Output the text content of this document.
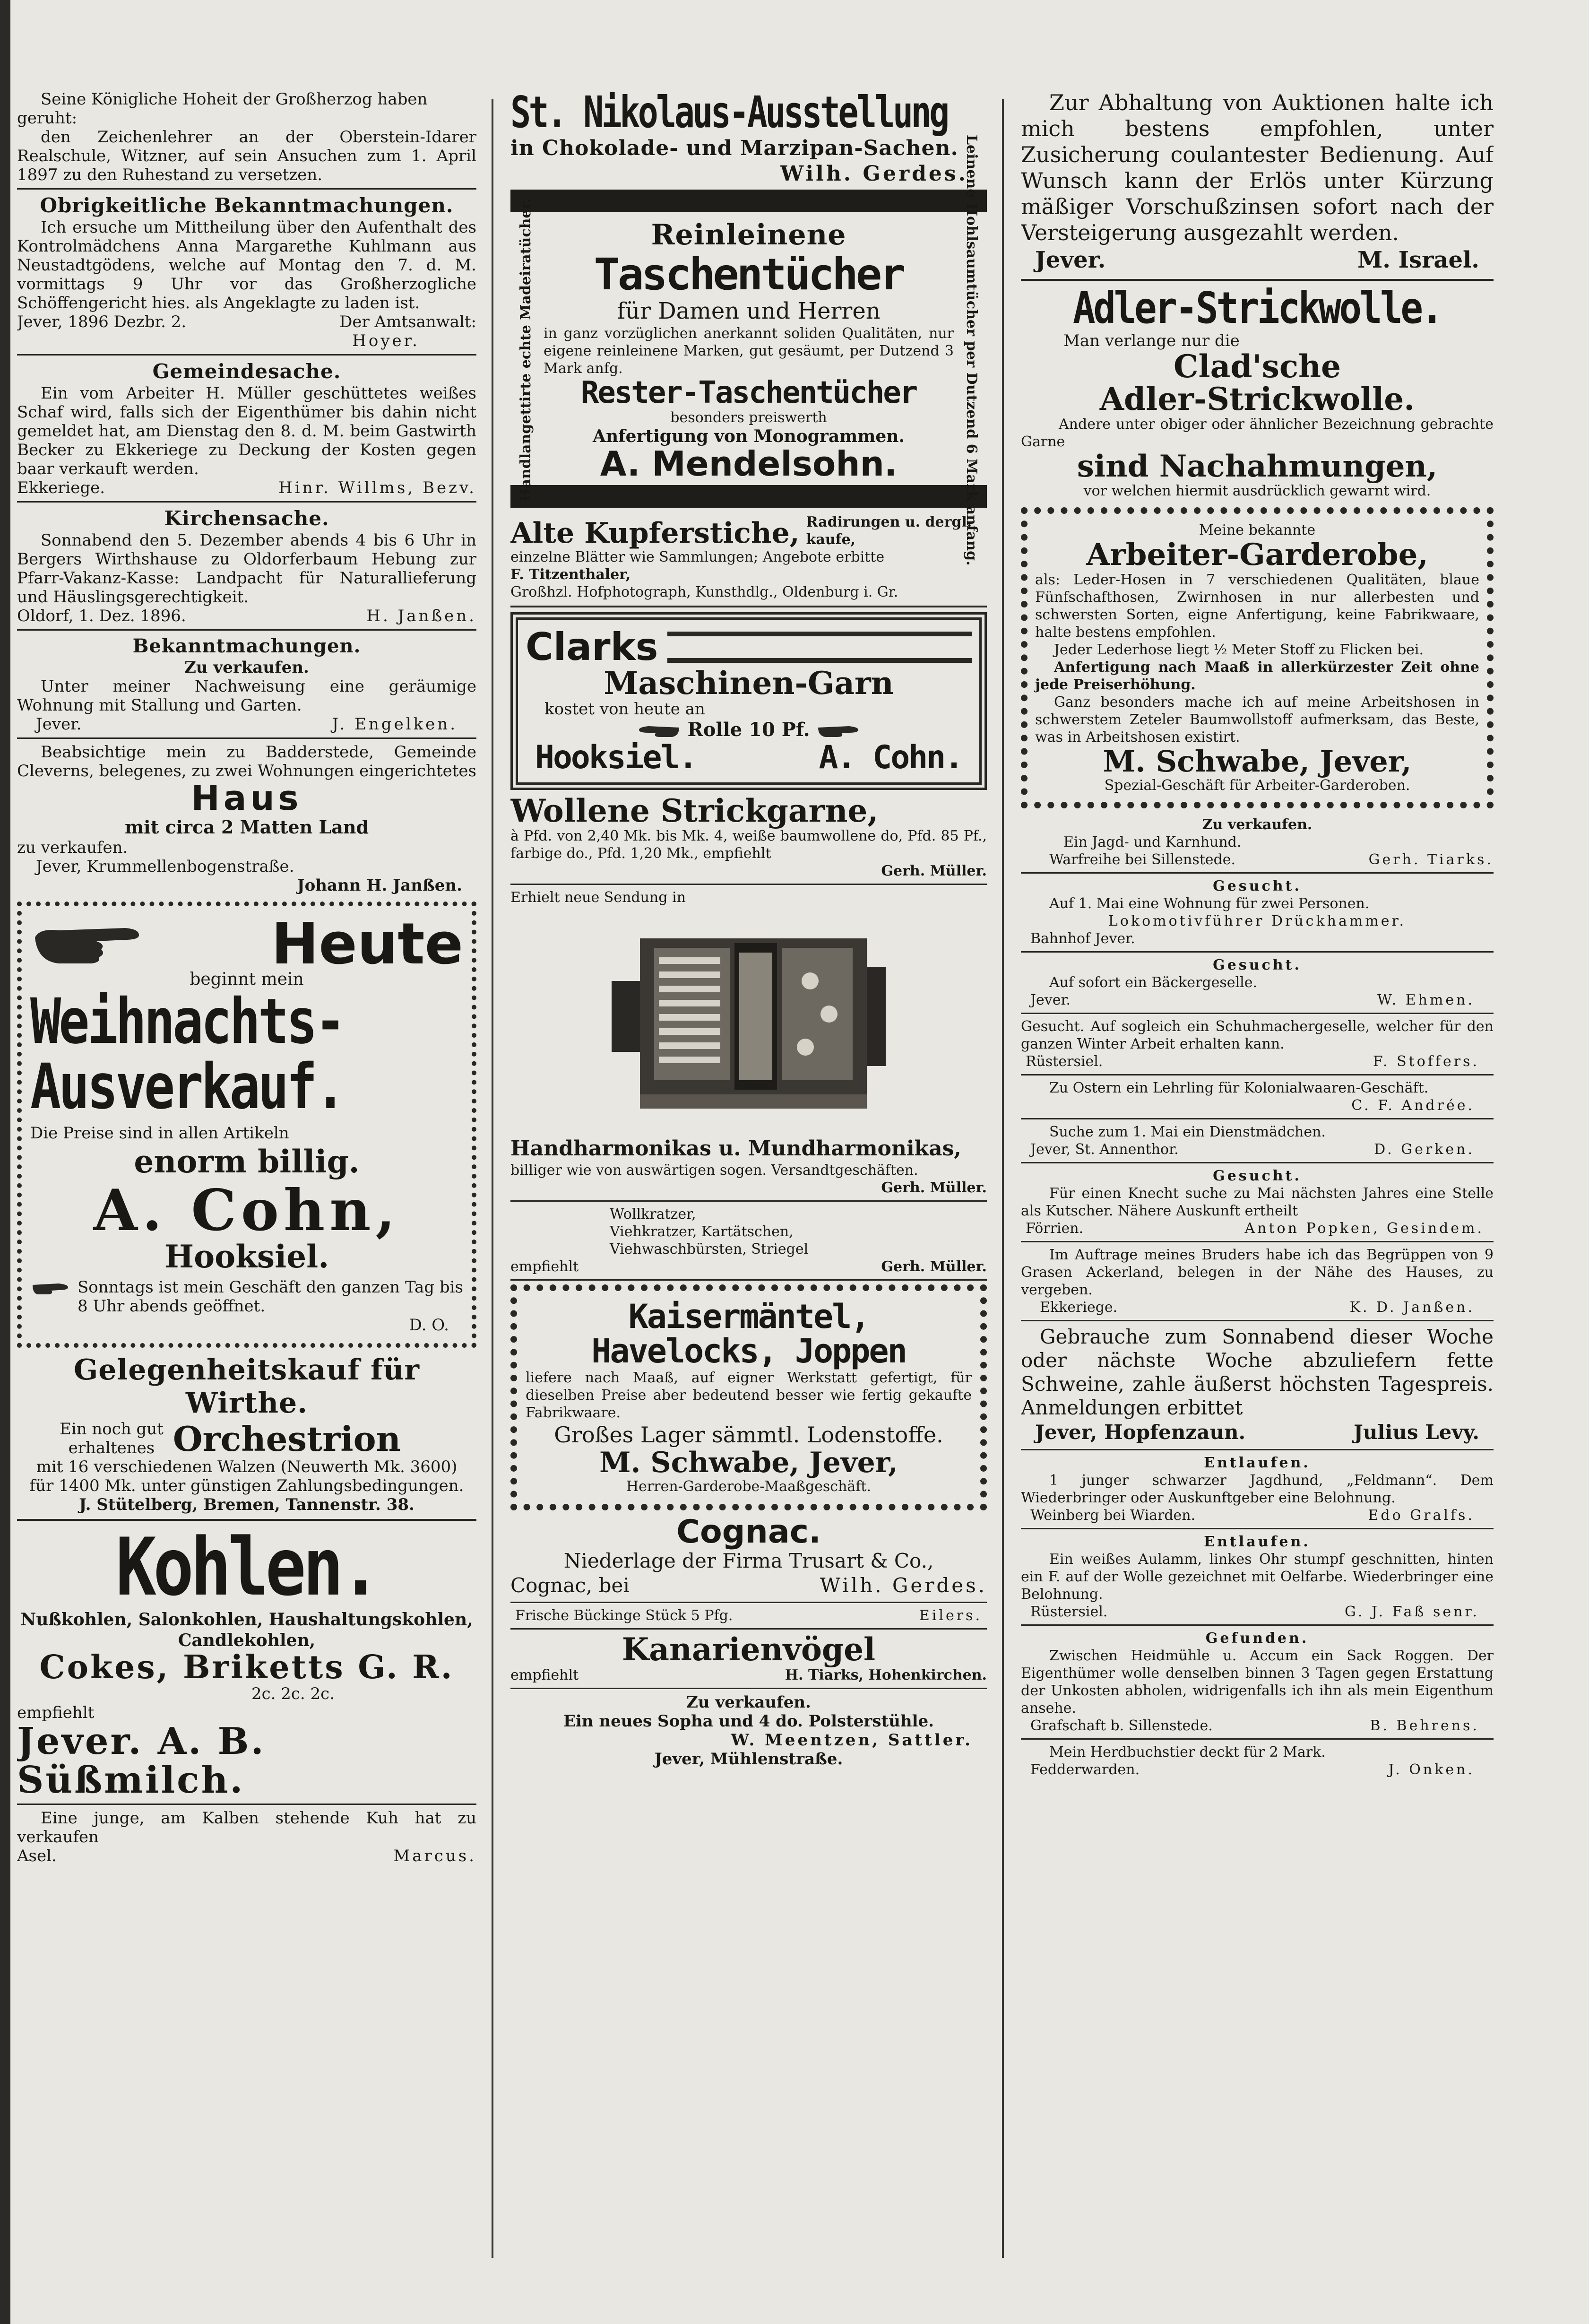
Seine Königliche Hoheit der Großherzog haben

geruht:

den Zeichenlehrer an der Oberstein-Idarer Realschule, Witzner, auf sein Ansuchen zum 1. April 1897 zu den Ruhestand zu versetzen.

Obrigkeitliche Bekanntmachungen.

Ich ersuche um Mittheilung über den Aufenthalt des Kontrolmädchens Anna Margarethe Kuhlmann aus Neustadtgödens, welche auf Montag den 7. d. M. vormittags 9 Uhr vor das Großherzogliche Schöffengericht hies. als Angeklagte zu laden ist.

Jever, 1896 Dezbr. 2.	Der Amtsanwalt:

Hoyer.

Gemeindesache.

Ein vom Arbeiter H. Müller geschüttetes weißes Schaf wird, falls sich der Eigenthümer bis dahin nicht gemeldet hat, am Dienstag den 8. d. M. beim Gastwirth Becker zu Ekkeriege zu Deckung der Kosten gegen baar verkauft werden.

Ekkeriege.	Hinr. Willms, Bezv.

Kirchensache.

Sonnabend den 5. Dezember abends 4 bis 6 Uhr in Bergers Wirthshause zu Oldorferbaum Hebung zur Pfarr-Vakanz-Kasse: Landpacht für Naturallieferung und Häuslingsgerechtigkeit.

Oldorf, 1. Dez. 1896.	H. Janßen.

Bekanntmachungen.

Zu verkaufen.

Unter meiner Nachweisung eine geräumige Wohnung mit Stallung und Garten.

Jever.	J. Engelken.

Beabsichtige mein zu Badderstede, Gemeinde Cleverns, belegenes, zu zwei Wohnungen eingerichtetes

Haus

mit circa 2 Matten Land

zu verkaufen.

Jever, Krummellenbogenstraße.

Johann H. Janßen.

Heute

beginnt mein

Weihnachts-

Ausverkauf.

Die Preise sind in allen Artikeln

enorm billig.

A. Cohn,

Hooksiel.

Sonntags ist mein Geschäft den ganzen Tag bis 8 Uhr abends geöffnet.

D. O.

Gelegenheitskauf für Wirthe.

Ein noch gut

erhaltenes Orchestrion

mit 16 verschiedenen Walzen (Neuwerth Mk. 3600)

für 1400 Mk. unter günstigen Zahlungsbedingungen.

J. Stütelberg, Bremen, Tannenstr. 38.

Kohlen.

Nußkohlen, Salonkohlen, Haushaltungskohlen, Candlekohlen,

Cokes, Briketts G. R.

2c. 2c. 2c.

empfiehlt

Jever. A. B. Süßmilch.

Eine junge, am Kalben stehende Kuh hat zu verkaufen

Asel.	Marcus.

St. Nikolaus-Ausstellung

in Chokolade- und Marzipan-Sachen.

Wilh. Gerdes.

Handlangettirte echte Madeiratücher.	Leinene Hohlsaumtücher per Dutzend 6 Mark anfang.

Reinleinene

Taschentücher

für Damen und Herren

in ganz vorzüglichen anerkannt soliden Qualitäten, nur eigene reinleinene Marken, gut gesäumt, per Dutzend 3 Mark anfg.

Rester-Taschentücher

besonders preiswerth

Anfertigung von Monogrammen.

A. Mendelsohn.

Alte Kupferstiche, Radirungen u. dergl.

kaufe,

einzelne Blätter wie Sammlungen; Angebote erbitte

F. Titzenthaler,

Großhzl. Hofphotograph, Kunsthdlg., Oldenburg i. Gr.

Clarks

Maschinen-Garn

kostet von heute an

Rolle 10 Pf.
Hooksiel.	A. Cohn.

Wollene Strickgarne,

à Pfd. von 2,40 Mk. bis Mk. 4, weiße baumwollene do, Pfd. 85 Pf., farbige do., Pfd. 1,20 Mk., empfiehlt

Gerh. Müller.

Erhielt neue Sendung in

Handharmonikas u. Mundharmonikas,

billiger wie von auswärtigen sogen. Versandtgeschäften.

Gerh. Müller.

Wollkratzer,

Viehkratzer, Kartätschen,

Viehwaschbürsten, Striegel

empfiehlt	Gerh. Müller.

Kaisermäntel,

Havelocks, Joppen

liefere nach Maaß, auf eigner Werkstatt gefertigt, für dieselben Preise aber bedeutend besser wie fertig gekaufte Fabrikwaare.

Großes Lager sämmtl. Lodenstoffe.

M. Schwabe, Jever,

Herren-Garderobe-Maaßgeschäft.

Cognac.

Niederlage der Firma Trusart & Co.,

Cognac, bei	Wilh. Gerdes.
Frische Bückinge Stück 5 Pfg.	Eilers.

Kanarienvögel

empfiehlt	H. Tiarks, Hohenkirchen.

Zu verkaufen.

Ein neues Sopha und 4 do. Polsterstühle.

W. Meentzen, Sattler.

Jever, Mühlenstraße.

Zur Abhaltung von Auktionen halte ich mich bestens empfohlen, unter Zusicherung coulantester Bedienung. Auf Wunsch kann der Erlös unter Kürzung mäßiger Vorschußzinsen sofort nach der Versteigerung ausgezahlt werden.

Jever.	M. Israel.

Adler-Strickwolle.

Man verlange nur die

Clad'sche

Adler-Strickwolle.

Andere unter obiger oder ähnlicher Bezeichnung gebrachte Garne

sind Nachahmungen,

vor welchen hiermit ausdrücklich gewarnt wird.

Meine bekannte

Arbeiter-Garderobe,

als: Leder-Hosen in 7 verschiedenen Qualitäten, blaue Fünfschafthosen, Zwirnhosen in nur allerbesten und schwersten Sorten, eigne Anfertigung, keine Fabrikwaare, halte bestens empfohlen.

Jeder Lederhose liegt ½ Meter Stoff zu Flicken bei.

Anfertigung nach Maaß in allerkürzester Zeit ohne jede Preiserhöhung.

Ganz besonders mache ich auf meine Arbeitshosen in schwerstem Zeteler Baumwollstoff aufmerksam, das Beste, was in Arbeitshosen existirt.

M. Schwabe, Jever,

Spezial-Geschäft für Arbeiter-Garderoben.

Zu verkaufen.

Ein Jagd- und Karnhund.

Warfreihe bei Sillenstede.	Gerh. Tiarks.

Gesucht.

Auf 1. Mai eine Wohnung für zwei Personen.

Lokomotivführer Drückhammer.

Bahnhof Jever.

Gesucht.

Auf sofort ein Bäckergeselle.

Jever.	W. Ehmen.

Gesucht. Auf sogleich ein Schuhmachergeselle, welcher für den ganzen Winter Arbeit erhalten kann.

Rüstersiel.	F. Stoffers.

Zu Ostern ein Lehrling für Kolonialwaaren-Geschäft.

C. F. Andrée.

Suche zum 1. Mai ein Dienstmädchen.

Jever, St. Annenthor.	D. Gerken.

Gesucht.

Für einen Knecht suche zu Mai nächsten Jahres eine Stelle als Kutscher. Nähere Auskunft ertheilt

Förrien.	Anton Popken, Gesindem.

Im Auftrage meines Bruders habe ich das Begrüppen von 9 Grasen Ackerland, belegen in der Nähe des Hauses, zu vergeben.

Ekkeriege.	K. D. Janßen.

Gebrauche zum Sonnabend dieser Woche oder nächste Woche abzuliefern fette Schweine, zahle äußerst höchsten Tagespreis. Anmeldungen erbittet

Jever, Hopfenzaun.	Julius Levy.

Entlaufen.

1 junger schwarzer Jagdhund, „Feldmann“. Dem Wiederbringer oder Auskunftgeber eine Belohnung.

Weinberg bei Wiarden.	Edo Gralfs.

Entlaufen.

Ein weißes Aulamm, linkes Ohr stumpf geschnitten, hinten ein F. auf der Wolle gezeichnet mit Oelfarbe. Wiederbringer eine Belohnung.

Rüstersiel.	G. J. Faß senr.

Gefunden.

Zwischen Heidmühle u. Accum ein Sack Roggen. Der Eigenthümer wolle denselben binnen 3 Tagen gegen Erstattung der Unkosten abholen, widrigenfalls ich ihn als mein Eigenthum ansehe.

Grafschaft b. Sillenstede.	B. Behrens.

Mein Herdbuchstier deckt für 2 Mark.

Fedderwarden.	J. Onken.
